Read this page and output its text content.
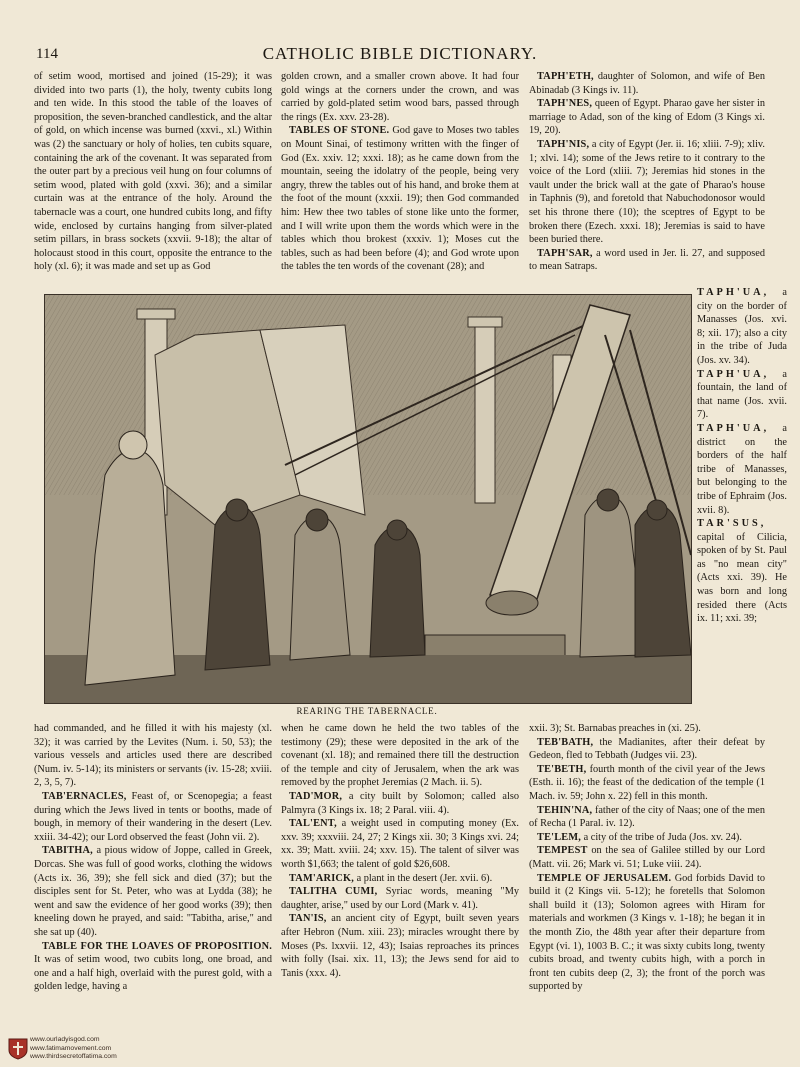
114	CATHOLIC BIBLE DICTIONARY.

of setim wood, mortised and joined (15-29); it was divided into two parts (1), the holy, twenty cubits long and ten wide. In this stood the table of the loaves of proposition, the seven-branched candlestick, and the altar of gold, on which incense was burned (xxvi., xl.) Within was (2) the sanctuary or holy of holies, ten cubits square, containing the ark of the covenant. It was separated from the outer part by a precious veil hung on four columns of setim wood, plated with gold (xxvi. 36); and a similar curtain was at the entrance of the holy. Around the tabernacle was a court, one hundred cubits long, and fifty wide, enclosed by curtains hanging from silver-plated setim pillars, in brass sockets (xxvii. 9-18); the altar of holocaust stood in this court, opposite the entrance to the holy (xl. 6); it was made and set up as God

golden crown, and a smaller crown above. It had four gold wings at the corners under the crown, and was carried by gold-plated setim wood bars, passed through the rings (Ex. xxv. 23-28).

TABLES OF STONE. God gave to Moses two tables on Mount Sinai, of testimony written with the finger of God (Ex. xxiv. 12; xxxi. 18); as he came down from the mountain, seeing the idolatry of the people, being very angry, threw the tables out of his hand, and broke them at the foot of the mount (xxxii. 19); then God commanded him: Hew thee two tables of stone like unto the former, and I will write upon them the words which were in the tables which thou brokest (xxxiv. 1); Moses cut the tables, such as had been before (4); and God wrote upon the tables the ten words of the covenant (28); and

TAPH'ETH, daughter of Solomon, and wife of Ben Abinadab (3 Kings iv. 11).

TAPH'NES, queen of Egypt. Pharao gave her sister in marriage to Adad, son of the king of Edom (3 Kings xi. 19, 20).

TAPH'NIS, a city of Egypt (Jer. ii. 16; xliii. 7-9); xliv. 1; xlvi. 14); some of the Jews retire to it contrary to the voice of the Lord (xliii. 7); Jeremias hid stones in the vault under the brick wall at the gate of Pharao's house in Taphnis (9), and foretold that Nabuchodonosor would set his throne there (10); the sceptres of Egypt to be broken there (Ezech. xxxi. 18); Jeremias is said to have been buried there.

TAPH'SAR, a word used in Jer. li. 27, and supposed to mean Satraps.

TAPH'UA, a city on the border of Manasses (Jos. xvi. 8; xii. 17); also a city in the tribe of Juda (Jos. xv. 34).

TAPH'UA, a fountain, the land of that name (Jos. xvii. 7).

TAPH'UA, a district on the borders of the half tribe of Manasses, but belonging to the tribe of Ephraim (Jos. xvii. 8).

TAR'SUS, capital of Cilicia, spoken of by St. Paul as "no mean city" (Acts xxi. 39). He was born and long resided there (Acts ix. 11; xxi. 39;

REARING THE TABERNACLE.

had commanded, and he filled it with his majesty (xl. 32); it was carried by the Levites (Num. i. 50, 53); the various vessels and articles used there are described (Num. iv. 5-14); its ministers or servants (iv. 15-28; xviii. 2, 3, 5, 7).

TAB'ERNACLES, Feast of, or Scenopegia; a feast during which the Jews lived in tents or booths, made of bough, in memory of their wandering in the desert (Lev. xxiii. 34-42); our Lord observed the feast (John vii. 2).

TABITHA, a pious widow of Joppe, called in Greek, Dorcas. She was full of good works, clothing the widows (Acts ix. 36, 39); she fell sick and died (37); but the disciples sent for St. Peter, who was at Lydda (38); he went and saw the evidence of her good works (39); then kneeling down he prayed, and said: "Tabitha, arise," and she sat up (40).

TABLE FOR THE LOAVES OF PROPOSITION. It was of setim wood, two cubits long, one broad, and one and a half high, overlaid with the purest gold, with a golden ledge, having a

when he came down he held the two tables of the testimony (29); these were deposited in the ark of the covenant (xl. 18); and remained there till the destruction of the temple and city of Jerusalem, when the ark was removed by the prophet Jeremias (2 Mach. ii. 5).

TAD'MOR, a city built by Solomon; called also Palmyra (3 Kings ix. 18; 2 Paral. viii. 4).

TAL'ENT, a weight used in computing money (Ex. xxv. 39; xxxviii. 24, 27; 2 Kings xii. 30; 3 Kings xvi. 24; xx. 39; Matt. xviii. 24; xxv. 15). The talent of silver was worth $1,663; the talent of gold $26,608.

TAM'ARICK, a plant in the desert (Jer. xvii. 6).

TALITHA CUMI, Syriac words, meaning "My daughter, arise," used by our Lord (Mark v. 41).

TAN'IS, an ancient city of Egypt, built seven years after Hebron (Num. xiii. 23); miracles wrought there by Moses (Ps. lxxvii. 12, 43); Isaias reproaches its princes with folly (Isai. xix. 11, 13); the Jews send for aid to Tanis (xxx. 4).

xxii. 3); St. Barnabas preaches in (xi. 25).

TEB'BATH, the Madianites, after their defeat by Gedeon, fled to Tebbath (Judges vii. 23).

TE'BETH, fourth month of the civil year of the Jews (Esth. ii. 16); the feast of the dedication of the temple (1 Mach. iv. 59; John x. 22) fell in this month.

TEHIN'NA, father of the city of Naas; one of the men of Recha (1 Paral. iv. 12).

TE'LEM, a city of the tribe of Juda (Jos. xv. 24).

TEMPEST on the sea of Galilee stilled by our Lord (Matt. vii. 26; Mark vi. 51; Luke viii. 24).

TEMPLE OF JERUSALEM. God forbids David to build it (2 Kings vii. 5-12); he foretells that Solomon shall build it (13); Solomon agrees with Hiram for materials and workmen (3 Kings v. 1-18); he began it in the month Zio, the 48th year after their departure from Egypt (vi. 1), 1003 B. C.; it was sixty cubits long, twenty cubits broad, and twenty cubits high, with a porch in front ten cubits deep (2, 3); the front of the porch was supported by

www.ourladyisgod.com
www.fatimamovement.com
www.thirdsecretoffatima.com
